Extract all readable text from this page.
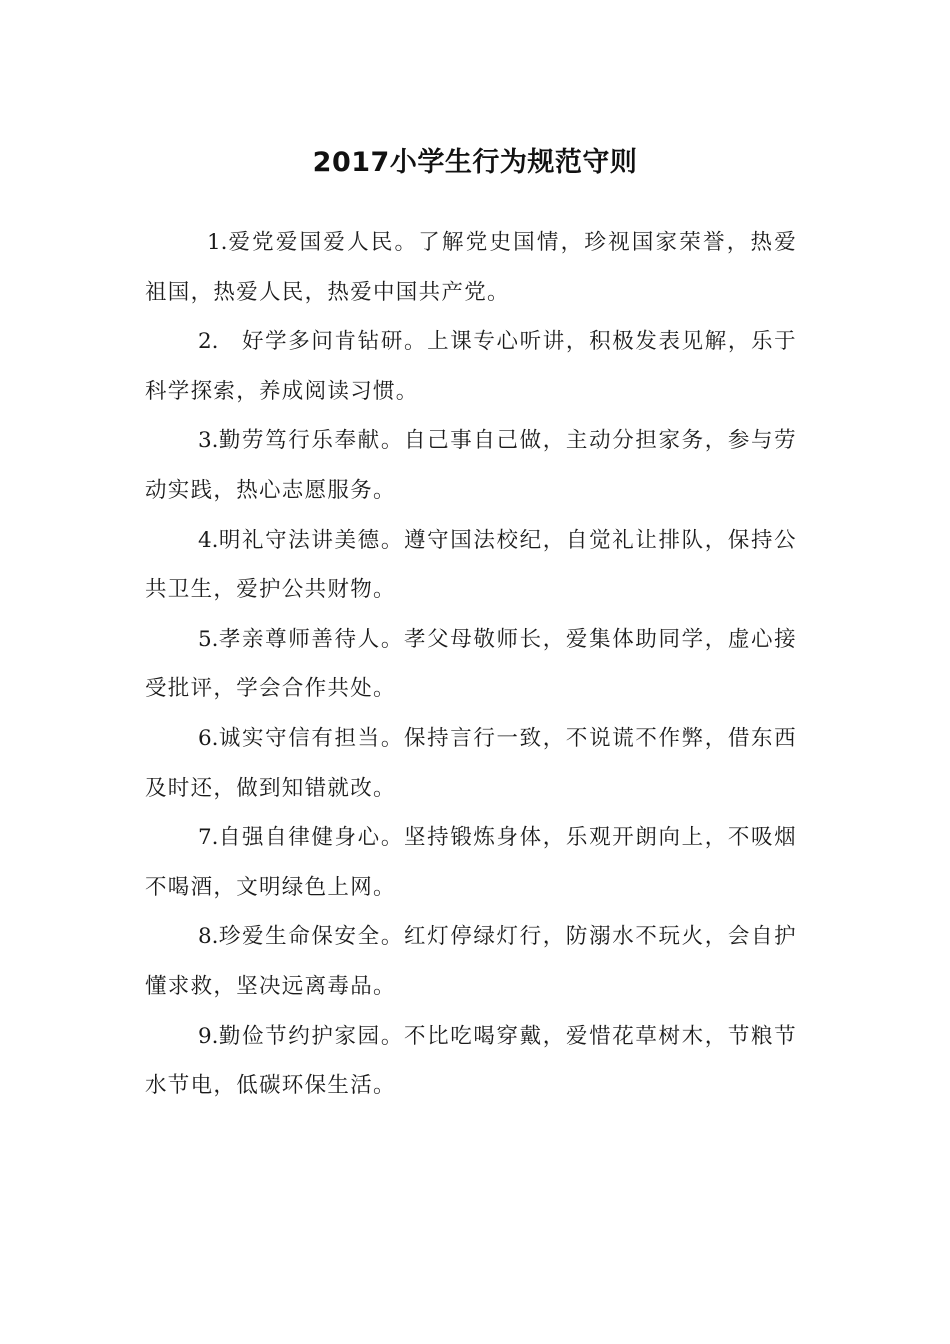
2017小学生行为规范守则

1.爱党爱国爱人民。了解党史国情，珍视国家荣誉，热爱祖国，热爱人民，热爱中国共产党。

2.　好学多问肯钻研。上课专心听讲，积极发表见解，乐于科学探索，养成阅读习惯。

3.勤劳笃行乐奉献。自己事自己做，主动分担家务，参与劳动实践，热心志愿服务。

4.明礼守法讲美德。遵守国法校纪，自觉礼让排队，保持公共卫生，爱护公共财物。

5.孝亲尊师善待人。孝父母敬师长，爱集体助同学，虚心接受批评，学会合作共处。

6.诚实守信有担当。保持言行一致，不说谎不作弊，借东西及时还，做到知错就改。

7.自强自律健身心。坚持锻炼身体，乐观开朗向上，不吸烟不喝酒，文明绿色上网。

8.珍爱生命保安全。红灯停绿灯行，防溺水不玩火，会自护懂求救，坚决远离毒品。

9.勤俭节约护家园。不比吃喝穿戴，爱惜花草树木，节粮节水节电，低碳环保生活。
